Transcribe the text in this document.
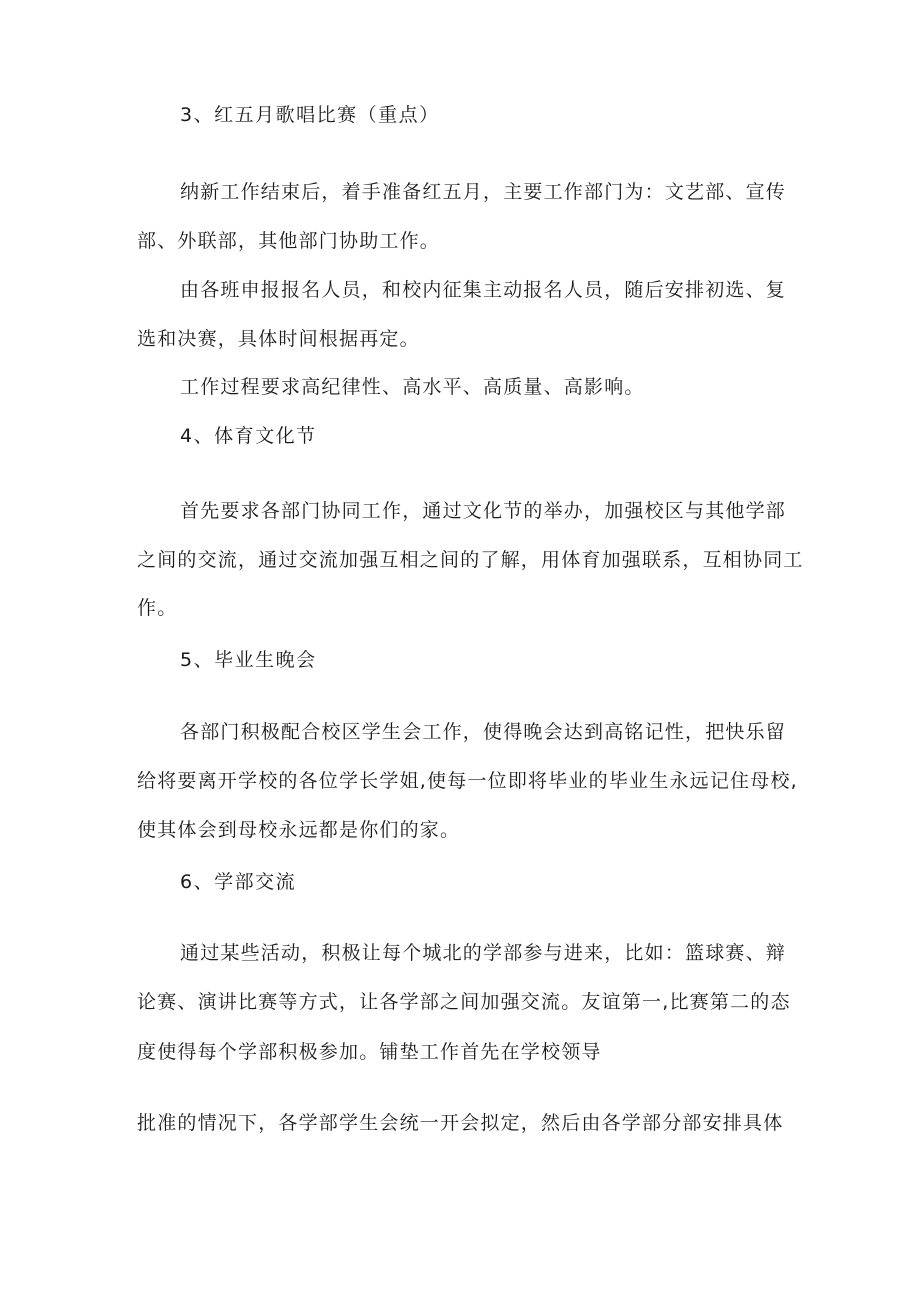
3、红五月歌唱比赛（重点）
纳新工作结束后，着手准备红五月，主要工作部门为：文艺部、宣传
部、外联部，其他部门协助工作。
由各班申报报名人员，和校内征集主动报名人员，随后安排初选、复
选和决赛，具体时间根据再定。
工作过程要求高纪律性、高水平、高质量、高影响。
4、体育文化节
首先要求各部门协同工作，通过文化节的举办，加强校区与其他学部
之间的交流，通过交流加强互相之间的了解，用体育加强联系，互相协同工
作。
5、毕业生晚会
各部门积极配合校区学生会工作，使得晚会达到高铭记性，把快乐留
给将要离开学校的各位学长学姐,使每一位即将毕业的毕业生永远记住母校,
使其体会到母校永远都是你们的家。
6、学部交流
通过某些活动，积极让每个城北的学部参与进来，比如：篮球赛、辩
论赛、演讲比赛等方式，让各学部之间加强交流。友谊第一,比赛第二的态
度使得每个学部积极参加。铺垫工作首先在学校领导
批准的情况下，各学部学生会统一开会拟定，然后由各学部分部安排具体
